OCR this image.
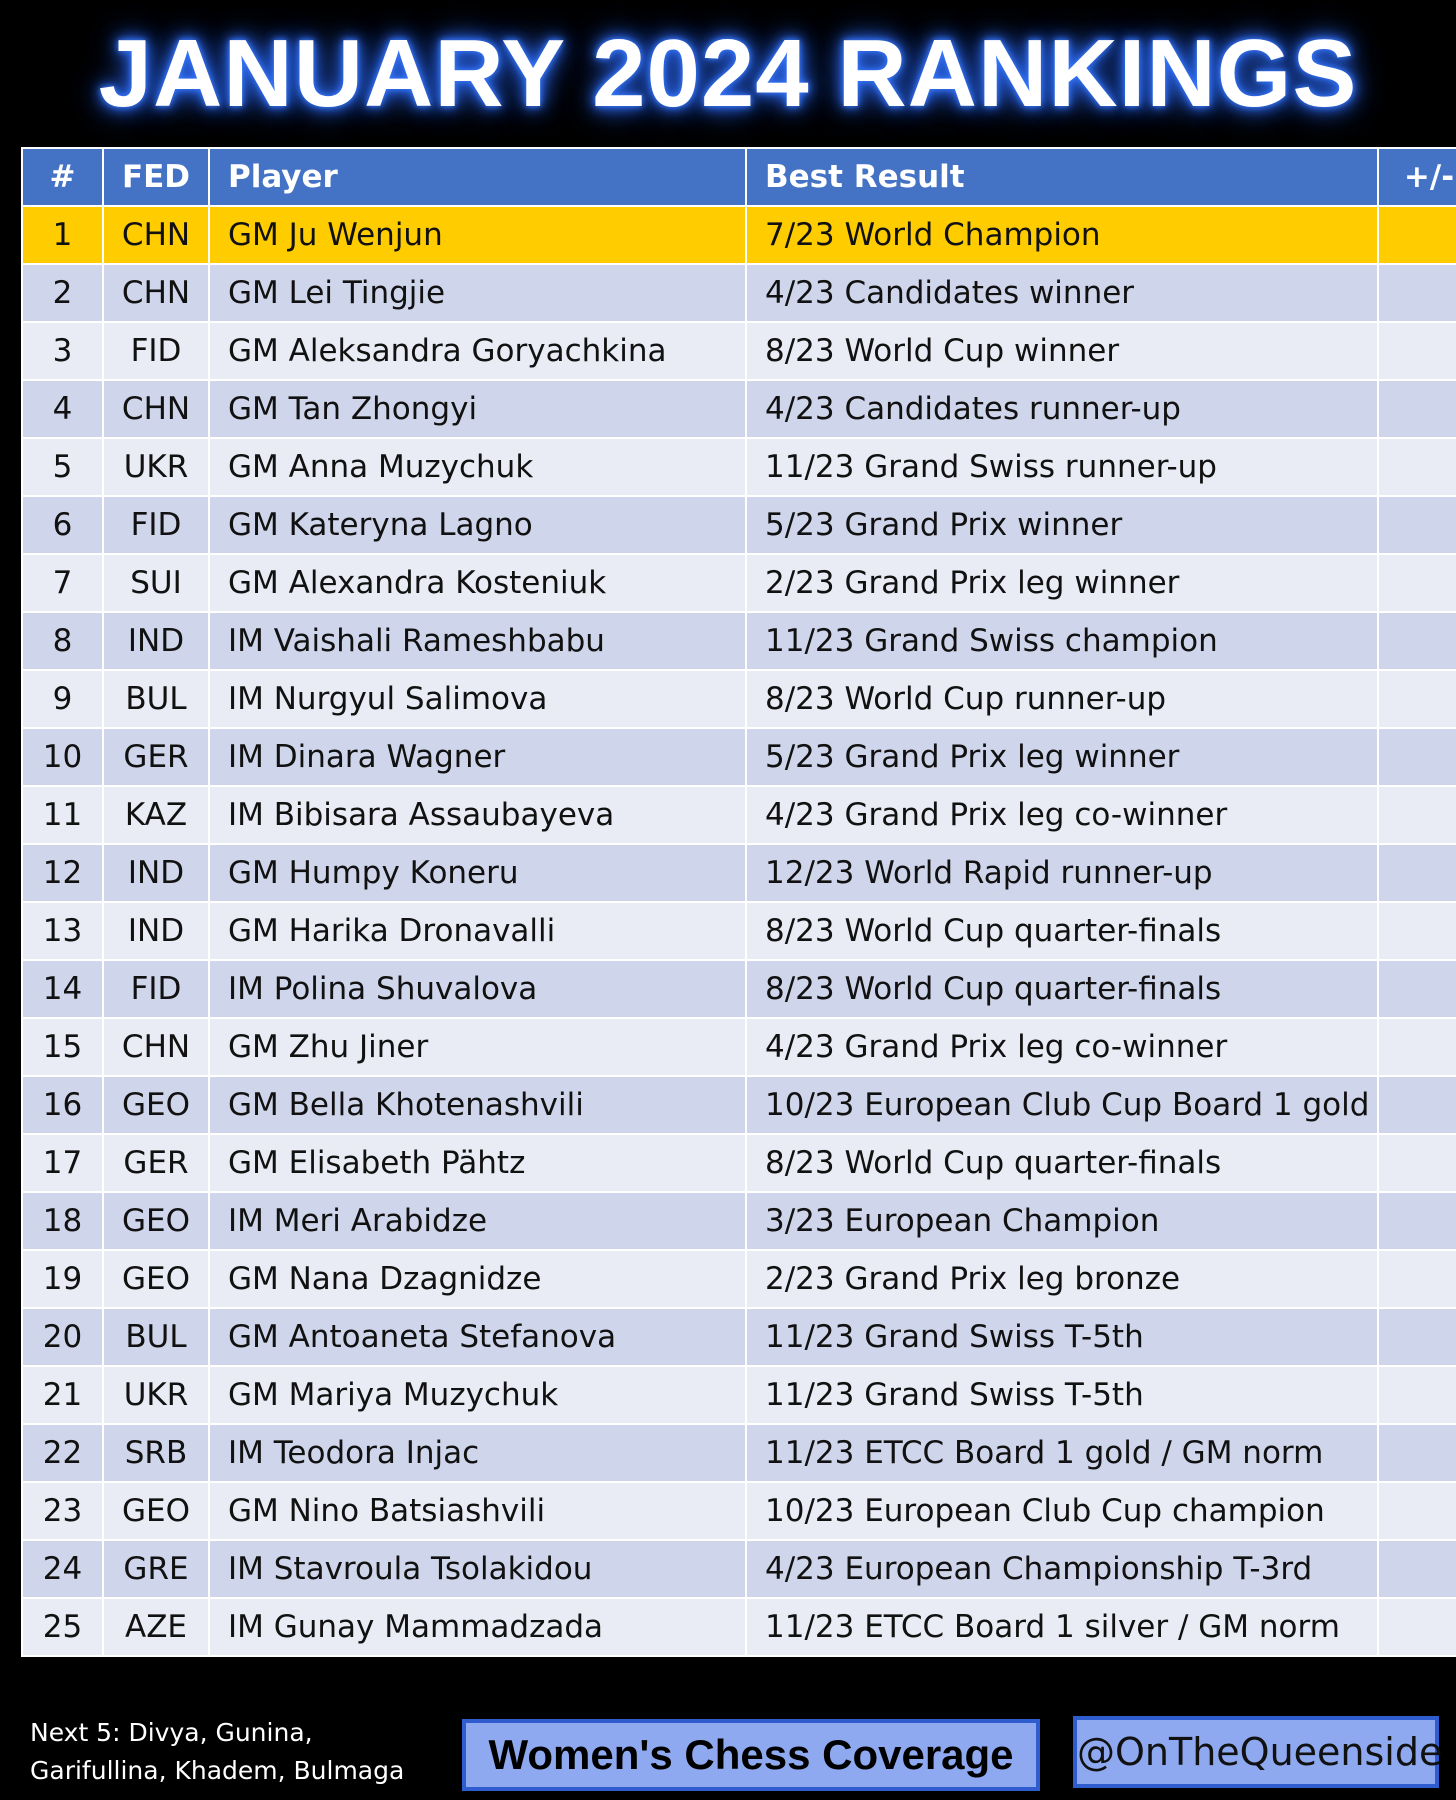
JANUARY 2024 RANKINGS
#	FED	Player	Best Result	+/-
1	CHN	GM Ju Wenjun	7/23 World Champion	
2	CHN	GM Lei Tingjie	4/23 Candidates winner	
3	FID	GM Aleksandra Goryachkina	8/23 World Cup winner	
4	CHN	GM Tan Zhongyi	4/23 Candidates runner-up	
5	UKR	GM Anna Muzychuk	11/23 Grand Swiss runner-up	
6	FID	GM Kateryna Lagno	5/23 Grand Prix winner	
7	SUI	GM Alexandra Kosteniuk	2/23 Grand Prix leg winner	
8	IND	IM Vaishali Rameshbabu	11/23 Grand Swiss champion	
9	BUL	IM Nurgyul Salimova	8/23 World Cup runner-up	
10	GER	IM Dinara Wagner	5/23 Grand Prix leg winner	
11	KAZ	IM Bibisara Assaubayeva	4/23 Grand Prix leg co-winner	
12	IND	GM Humpy Koneru	12/23 World Rapid runner-up	
13	IND	GM Harika Dronavalli	8/23 World Cup quarter-finals	
14	FID	IM Polina Shuvalova	8/23 World Cup quarter-finals	
15	CHN	GM Zhu Jiner	4/23 Grand Prix leg co-winner	
16	GEO	GM Bella Khotenashvili	10/23 European Club Cup Board 1 gold	
17	GER	GM Elisabeth Pähtz	8/23 World Cup quarter-finals	
18	GEO	IM Meri Arabidze	3/23 European Champion	
19	GEO	GM Nana Dzagnidze	2/23 Grand Prix leg bronze	
20	BUL	GM Antoaneta Stefanova	11/23 Grand Swiss T-5th	
21	UKR	GM Mariya Muzychuk	11/23 Grand Swiss T-5th	
22	SRB	IM Teodora Injac	11/23 ETCC Board 1 gold / GM norm	
23	GEO	GM Nino Batsiashvili	10/23 European Club Cup champion	
24	GRE	IM Stavroula Tsolakidou	4/23 European Championship T-3rd	
25	AZE	IM Gunay Mammadzada	11/23 ETCC Board 1 silver / GM norm	
Next 5: Divya, Gunina,
Garifullina, Khadem, Bulmaga	Women's Chess Coverage	@OnTheQueenside
